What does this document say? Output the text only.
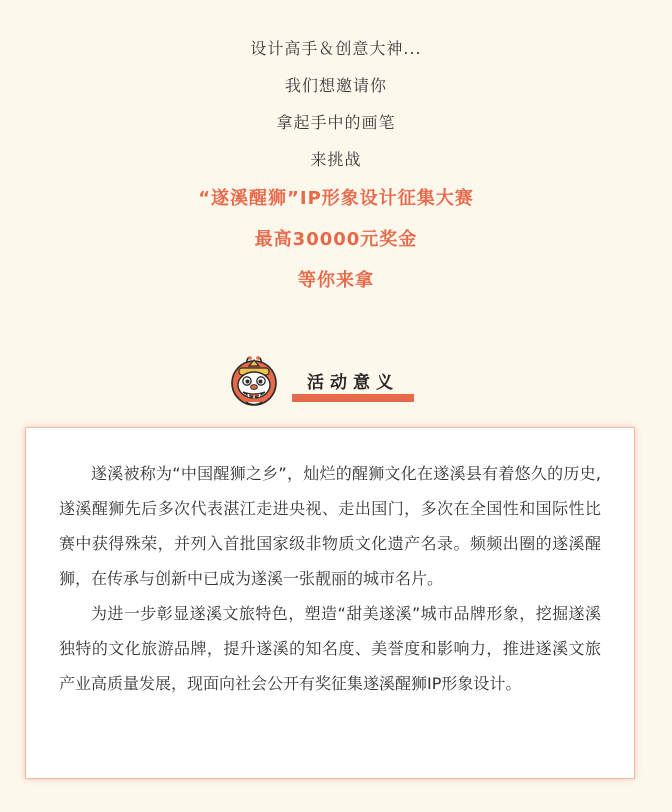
设计高手＆创意大神...
我们想邀请你
拿起手中的画笔
来挑战
“遂溪醒狮”IP形象设计征集大赛
最高30000元奖金
等你来拿
活动意义

遂溪被称为“中国醒狮之乡”，灿烂的醒狮文化在遂溪县有着悠久的历史,遂溪醒狮先后多次代表湛江走进央视、走出国门，多次在全国性和国际性比赛中获得殊荣，并列入首批国家级非物质文化遗产名录。频频出圈的遂溪醒狮，在传承与创新中已成为遂溪一张靓丽的城市名片。

为进一步彰显遂溪文旅特色，塑造“甜美遂溪”城市品牌形象，挖掘遂溪独特的文化旅游品牌，提升遂溪的知名度、美誉度和影响力，推进遂溪文旅产业高质量发展，现面向社会公开有奖征集遂溪醒狮IP形象设计。
